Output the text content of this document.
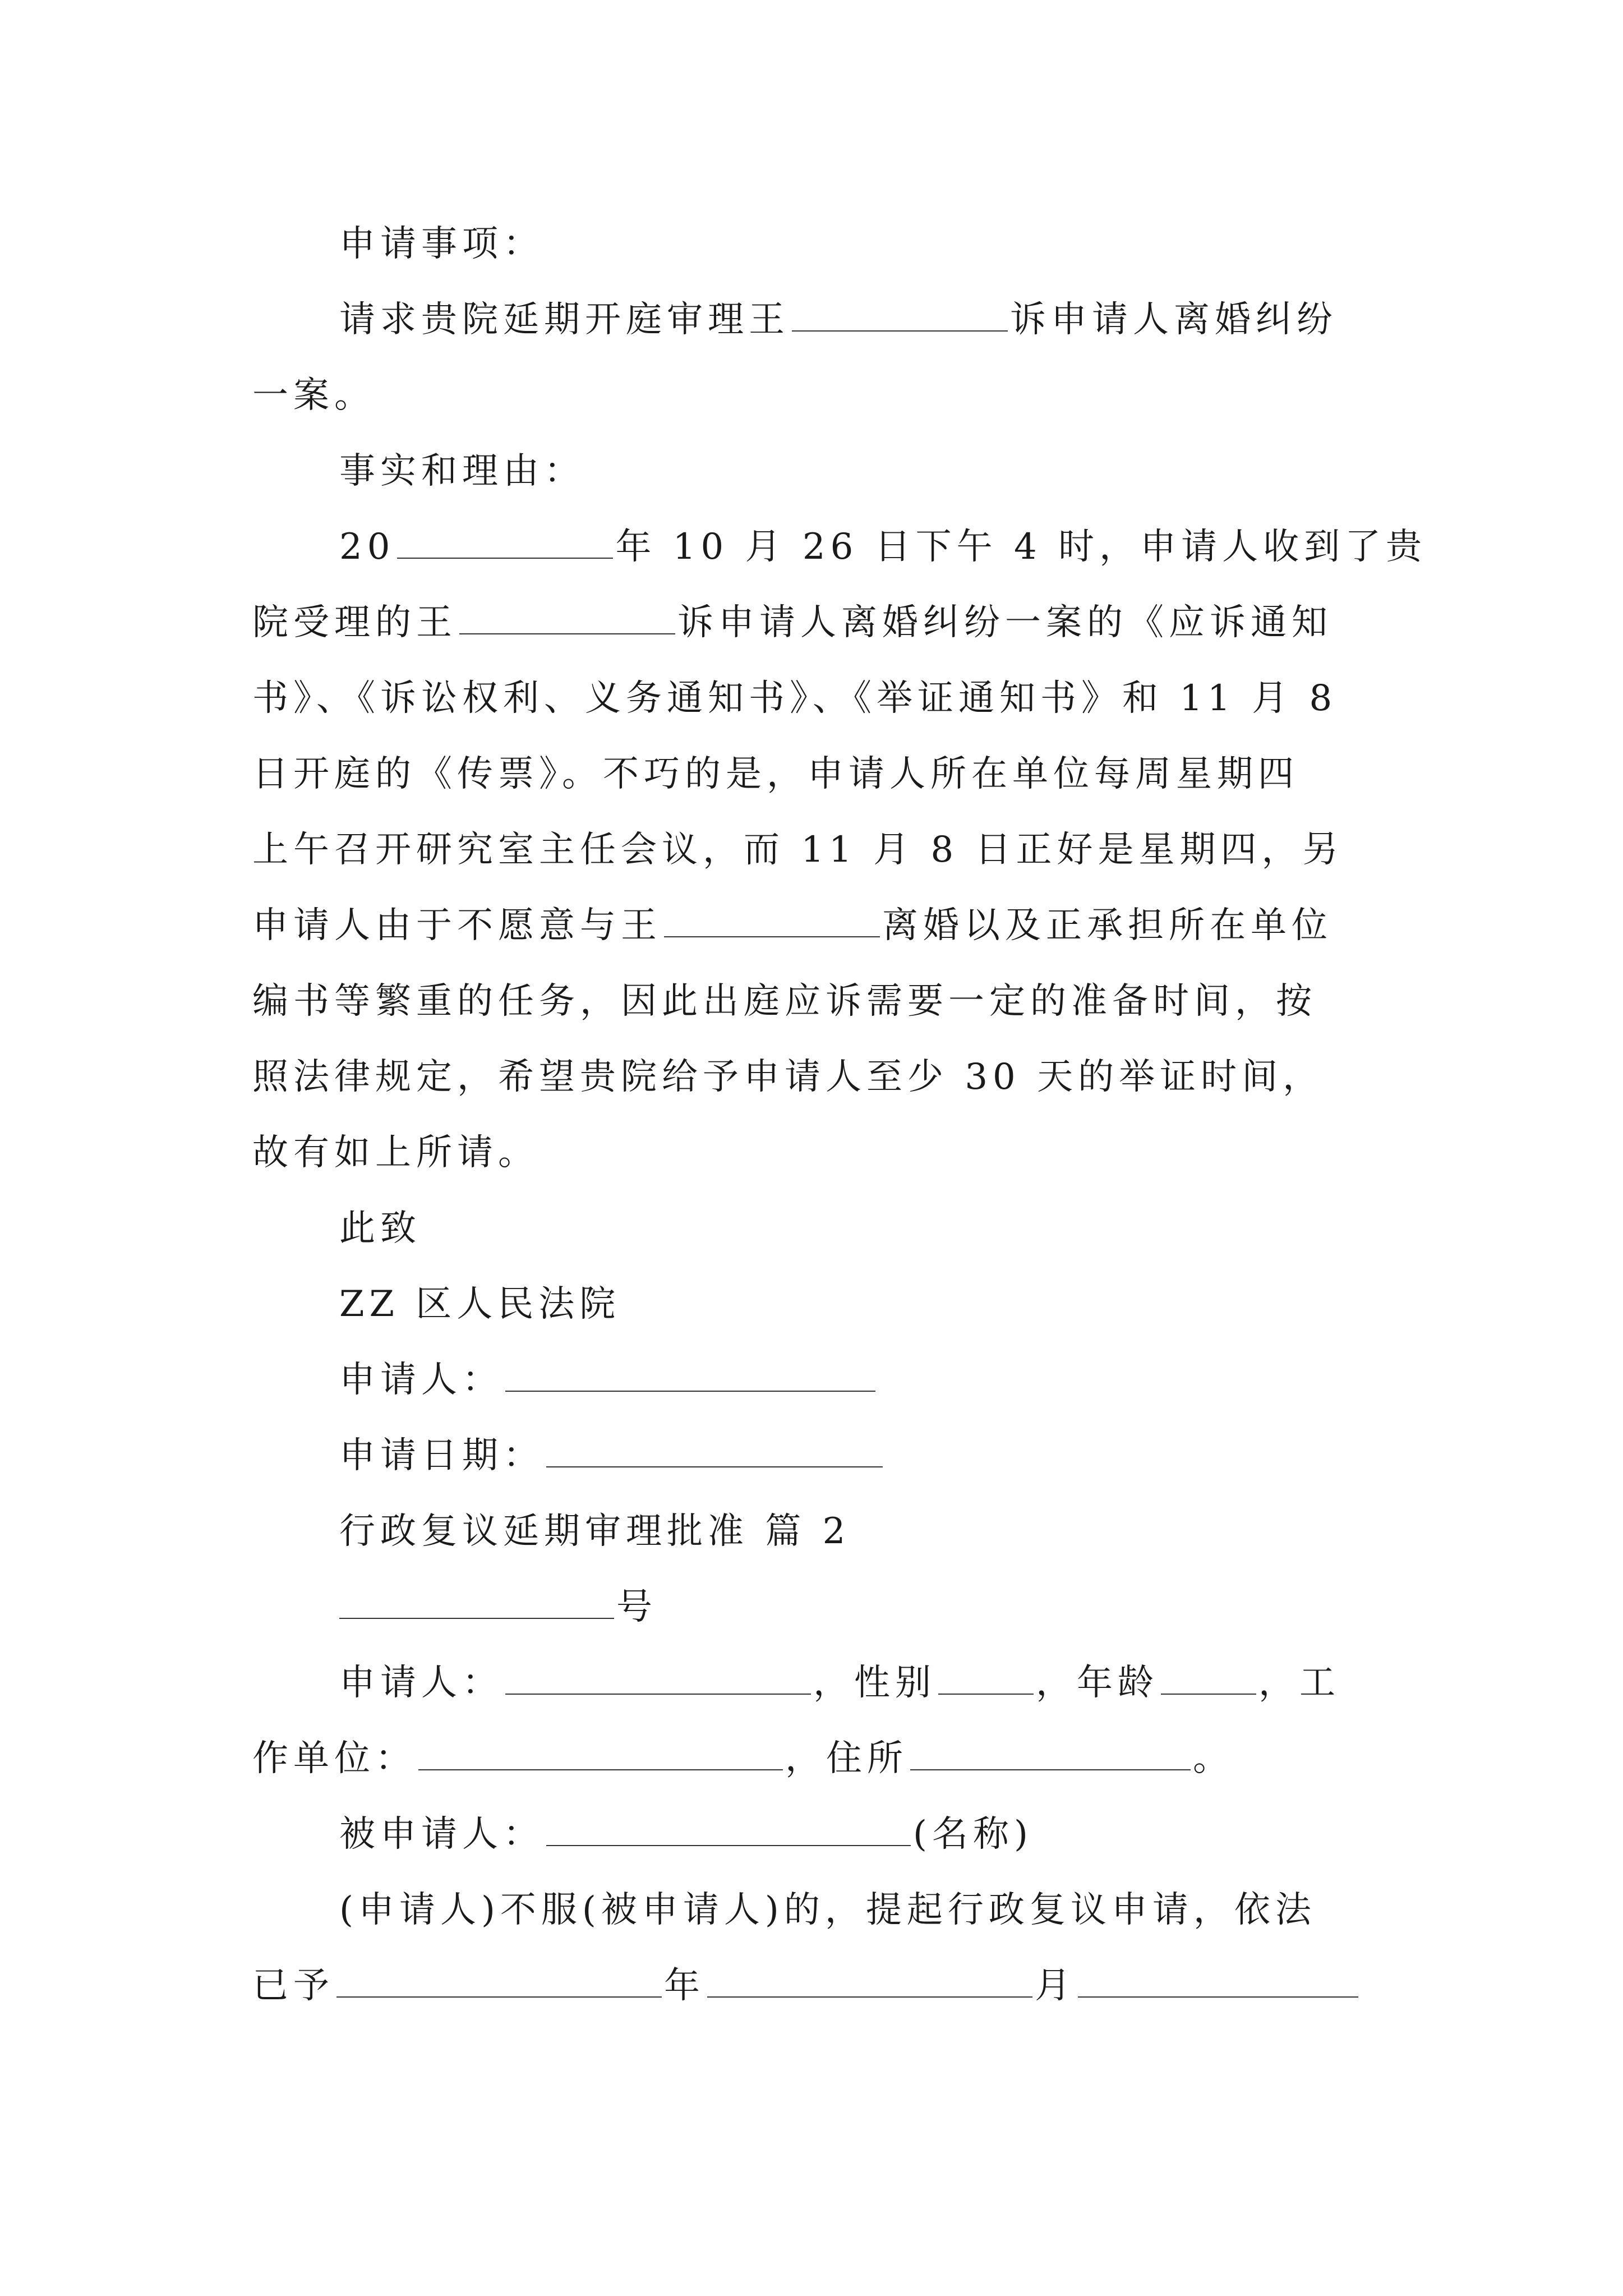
申请事项：
请求贵院延期开庭审理王	诉申请人离婚纠纷
一案。
事实和理由：
20	年 10 月 26 日下午 4 时，申请人收到了贵
院受理的王	诉申请人离婚纠纷一案的《应诉通知
书》、《诉讼权利、义务通知书》、《举证通知书》和 11 月 8
日开庭的《传票》。不巧的是，申请人所在单位每周星期四
上午召开研究室主任会议，而 11 月 8 日正好是星期四，另
申请人由于不愿意与王	离婚以及正承担所在单位
编书等繁重的任务，因此出庭应诉需要一定的准备时间，按
照法律规定，希望贵院给予申请人至少 30 天的举证时间，
故有如上所请。
此致
ZZ 区人民法院
申请人：
申请日期：
行政复议延期审理批准 篇 2
号
申请人：	，性别	，年龄	，工
作单位：	，住所	。
被申请人：	(名称)
(申请人)不服(被申请人)的，提起行政复议申请，依法
已予	年	月
